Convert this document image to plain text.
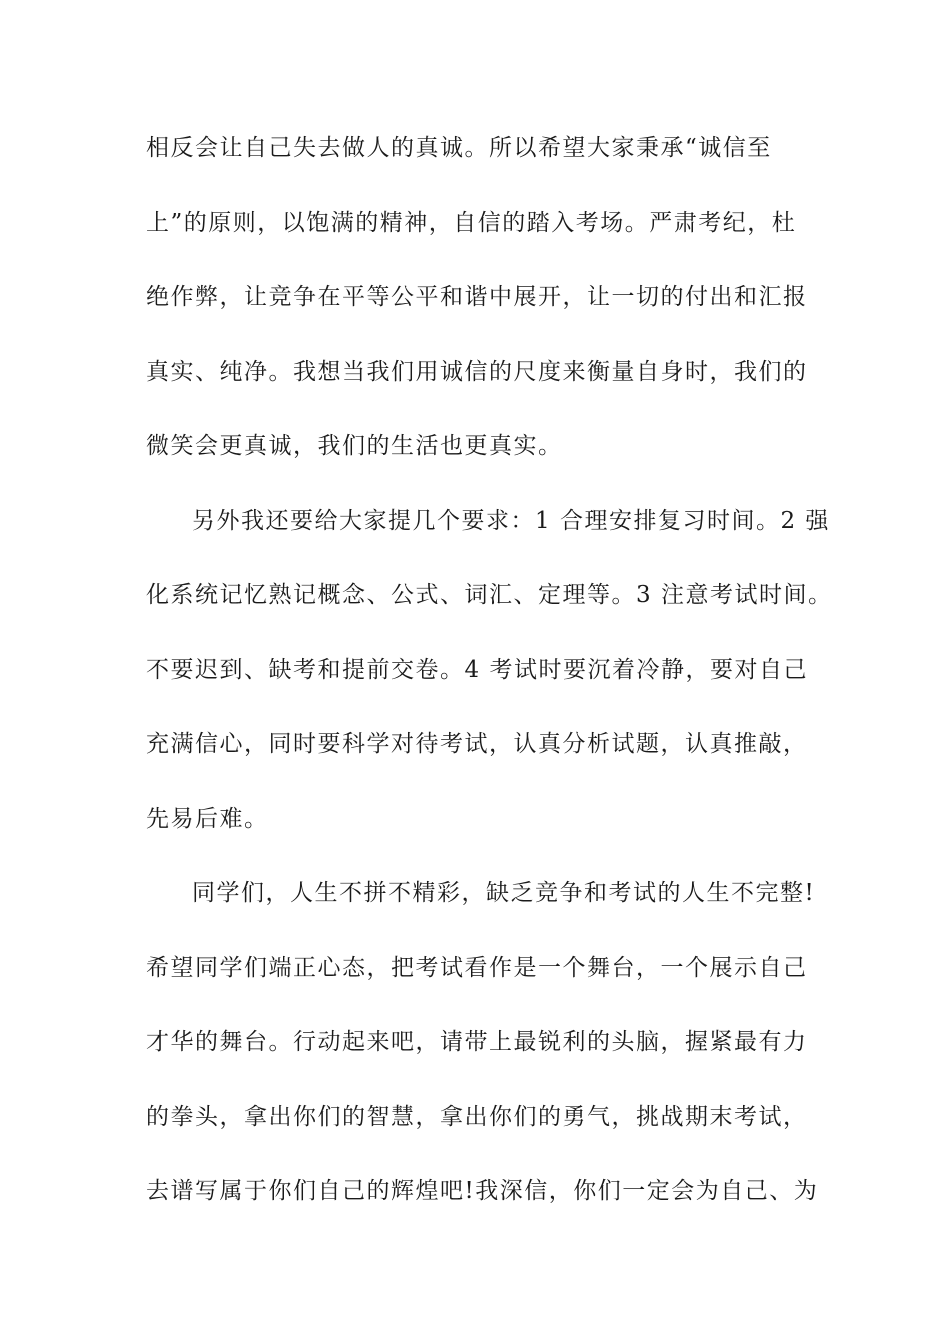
相反会让自己失去做人的真诚。所以希望大家秉承“诚信至
上”的原则，以饱满的精神，自信的踏入考场。严肃考纪，杜
绝作弊，让竞争在平等公平和谐中展开，让一切的付出和汇报
真实、纯净。我想当我们用诚信的尺度来衡量自身时，我们的
微笑会更真诚，我们的生活也更真实。
另外我还要给大家提几个要求：1 合理安排复习时间。2 强
化系统记忆熟记概念、公式、词汇、定理等。3 注意考试时间。
不要迟到、缺考和提前交卷。4 考试时要沉着冷静，要对自己
充满信心，同时要科学对待考试，认真分析试题，认真推敲，
先易后难。
同学们，人生不拼不精彩，缺乏竞争和考试的人生不完整!
希望同学们端正心态，把考试看作是一个舞台，一个展示自己
才华的舞台。行动起来吧，请带上最锐利的头脑，握紧最有力
的拳头，拿出你们的智慧，拿出你们的勇气，挑战期末考试，
去谱写属于你们自己的辉煌吧!我深信，你们一定会为自己、为
